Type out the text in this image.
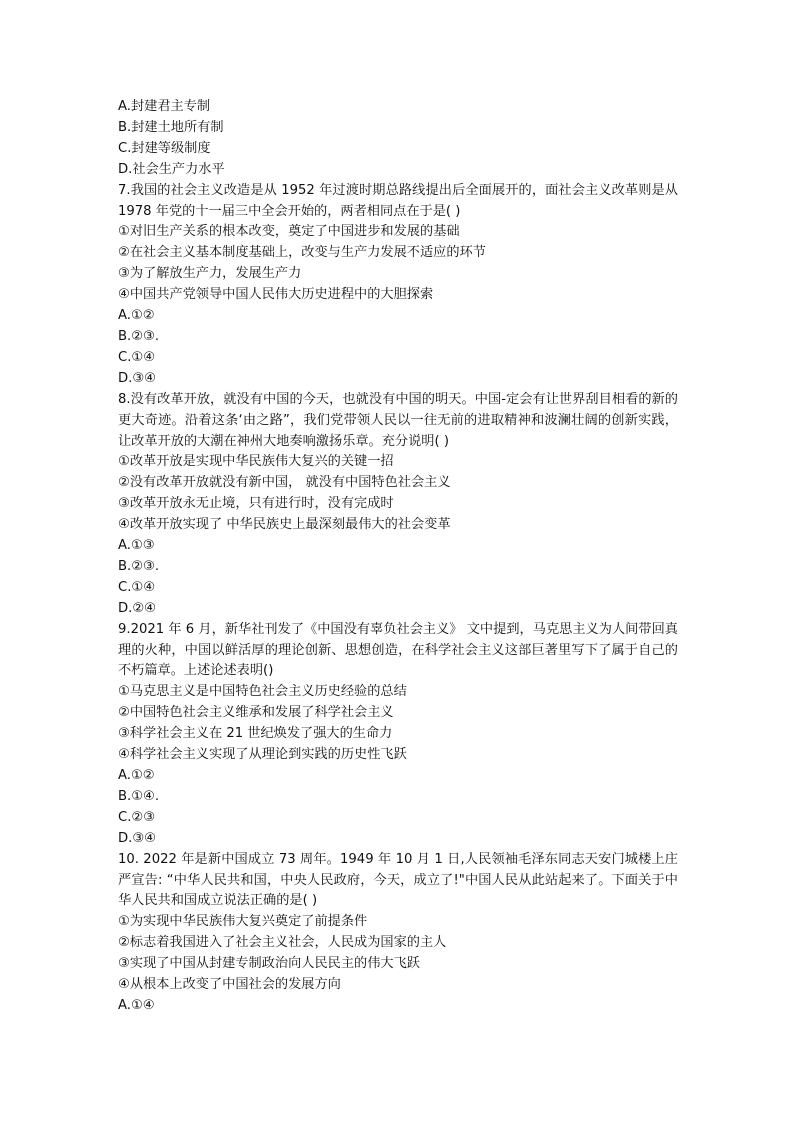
A.封建君主专制
B.封建土地所有制
C.封建等级制度
D.社会生产力水平
7.我国的社会主义改造是从 1952 年过渡时期总路线提出后全面展开的，面社会主义改革则是从 1978 年党的十一届三中全会开始的，两者相同点在于是( )
①对旧生产关系的根本改变，奠定了中国进步和发展的基础
②在社会主义基本制度基础上，改变与生产力发展不适应的环节
③为了解放生产力，发展生产力
④中国共产党领导中国人民伟大历史进程中的大胆探索
A.①②
B.②③.
C.①④
D.③④
8.没有改革开放，就没有中国的今天，也就没有中国的明天。中国-定会有让世界刮目相看的新的更大奇迹。沿着这条‘由之路”，我们党带领人民以一往无前的进取精神和波澜壮阔的创新实践，让改革开放的大潮在神州大地奏响激扬乐章。充分说明( )
①改革开放是实现中华民族伟大复兴的关键一招
②没有改革开放就没有新中国， 就没有中国特色社会主义
③改革开放永无止境，只有进行时，没有完成时
④改革开放实现了 中华民族史上最深刻最伟大的社会变革
A.①③
B.②③.
C.①④
D.②④
9.2021 年 6 月，新华社刊发了《中国没有辜负社会主义》 文中提到，马克思主义为人间带回真理的火种，中国以鲜活厚的理论创新、思想创造，在科学社会主义这部巨著里写下了属于自己的不朽篇章。上述论述表明()
①马克思主义是中国特色社会主义历史经验的总结
②中国特色社会主义维承和发展了科学社会主义
③科学社会主义在 21 世纪焕发了强大的生命力
④科学社会主义实现了从理论到实践的历史性飞跃
A.①②
B.①④.
C.②③
D.③④
10. 2022 年是新中国成立 73 周年。1949 年 10 月 1 日,人民领袖毛泽东同志天安门城楼上庄严宣告: “中华人民共和国，中央人民政府，今天，成立了!"中国人民从此站起来了。下面关于中华人民共和国成立说法正确的是( )
①为实现中华民族伟大复兴奠定了前提条件
②标志着我国进入了社会主义社会，人民成为国家的主人
③实现了中国从封建专制政治向人民民主的伟大飞跃
④从根本上改变了中国社会的发展方向
A.①④
